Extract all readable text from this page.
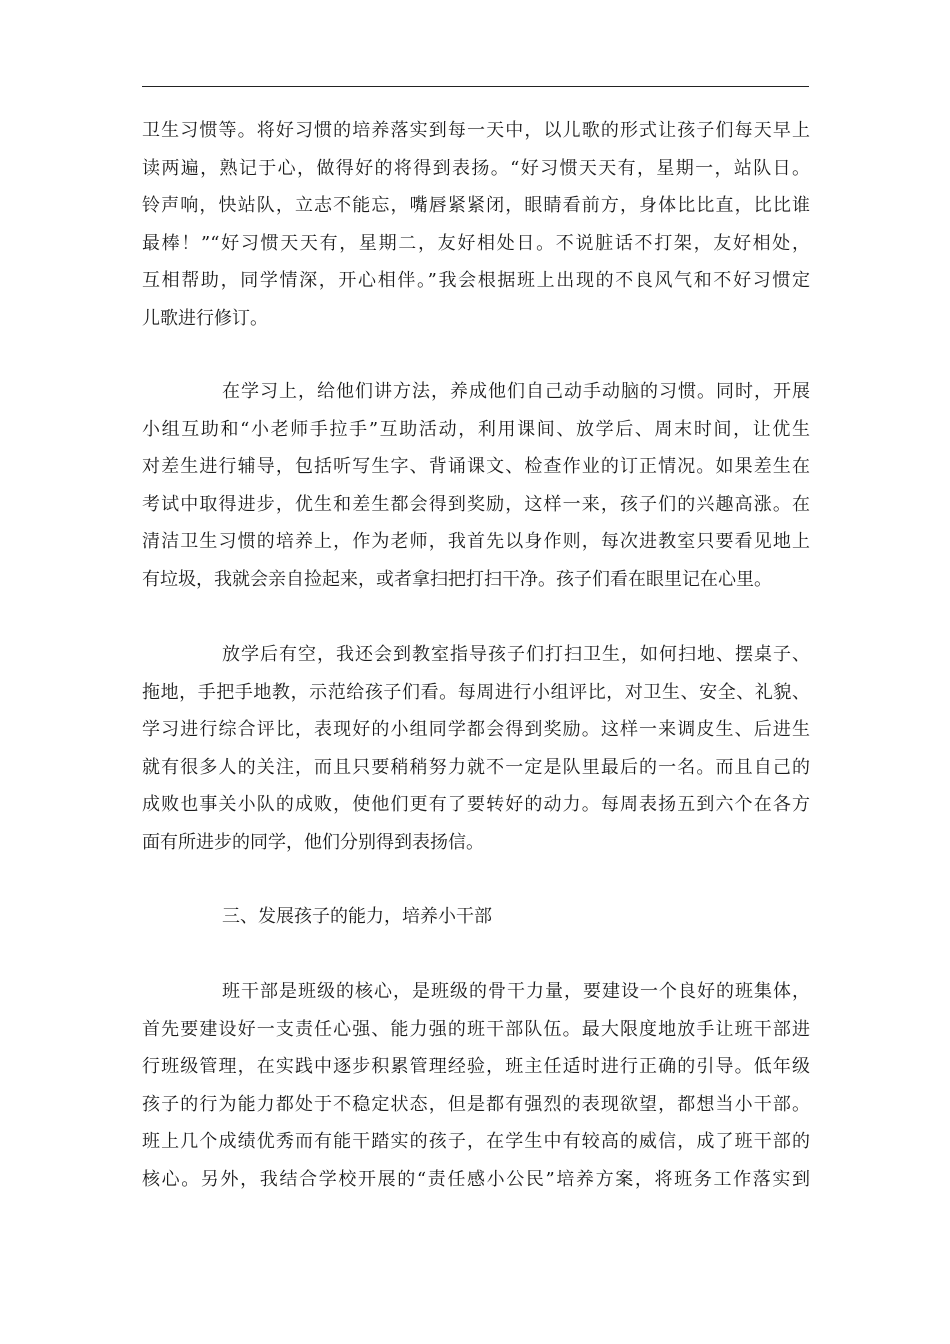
卫生习惯等。将好习惯的培养落实到每一天中，以儿歌的形式让孩子们每天早上
读两遍，熟记于心，做得好的将得到表扬。“好习惯天天有，星期一，站队日。
铃声响，快站队，立志不能忘，嘴唇紧紧闭，眼睛看前方，身体比比直，比比谁
最棒！”“好习惯天天有，星期二，友好相处日。不说脏话不打架，友好相处，
互相帮助，同学情深，开心相伴。”我会根据班上出现的不良风气和不好习惯定
儿歌进行修订。
在学习上，给他们讲方法，养成他们自己动手动脑的习惯。同时，开展
小组互助和“小老师手拉手”互助活动，利用课间、放学后、周末时间，让优生
对差生进行辅导，包括听写生字、背诵课文、检查作业的订正情况。如果差生在
考试中取得进步，优生和差生都会得到奖励，这样一来，孩子们的兴趣高涨。在
清洁卫生习惯的培养上，作为老师，我首先以身作则，每次进教室只要看见地上
有垃圾，我就会亲自捡起来，或者拿扫把打扫干净。孩子们看在眼里记在心里。
放学后有空，我还会到教室指导孩子们打扫卫生，如何扫地、摆桌子、
拖地，手把手地教，示范给孩子们看。每周进行小组评比，对卫生、安全、礼貌、
学习进行综合评比，表现好的小组同学都会得到奖励。这样一来调皮生、后进生
就有很多人的关注，而且只要稍稍努力就不一定是队里最后的一名。而且自己的
成败也事关小队的成败，使他们更有了要转好的动力。每周表扬五到六个在各方
面有所进步的同学，他们分别得到表扬信。
三、发展孩子的能力，培养小干部
班干部是班级的核心，是班级的骨干力量，要建设一个良好的班集体，
首先要建设好一支责任心强、能力强的班干部队伍。最大限度地放手让班干部进
行班级管理，在实践中逐步积累管理经验，班主任适时进行正确的引导。低年级
孩子的行为能力都处于不稳定状态，但是都有强烈的表现欲望，都想当小干部。
班上几个成绩优秀而有能干踏实的孩子，在学生中有较高的威信，成了班干部的
核心。另外，我结合学校开展的“责任感小公民”培养方案，将班务工作落实到
